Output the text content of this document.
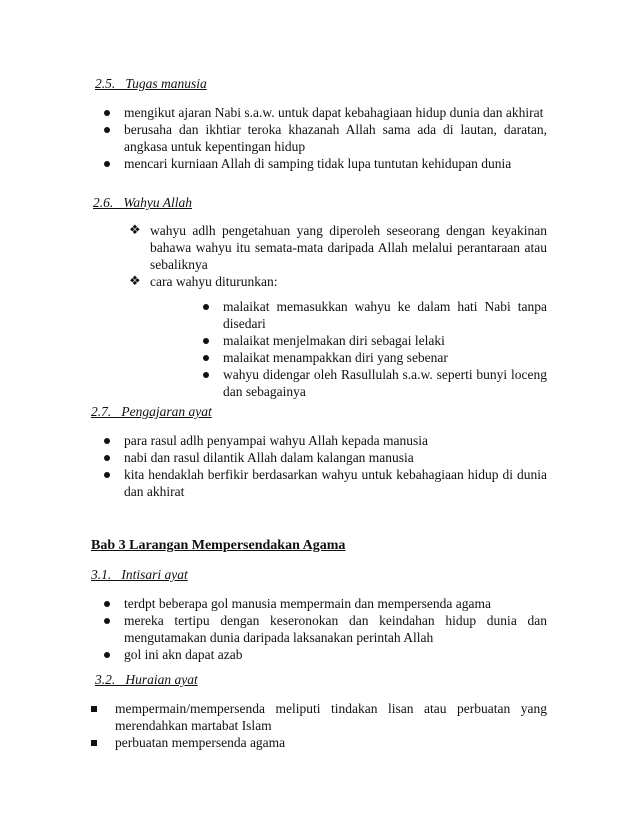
2.5.   Tugas manusia
mengikut ajaran Nabi s.a.w. untuk dapat kebahagiaan hidup dunia dan akhirat
berusaha dan ikhtiar teroka khazanah Allah sama ada di lautan, daratan, angkasa untuk kepentingan hidup
mencari kurniaan Allah di samping tidak lupa tuntutan kehidupan dunia
2.6.   Wahyu Allah
❖ wahyu adlh pengetahuan yang diperoleh seseorang dengan keyakinan bahawa wahyu itu semata-mata daripada Allah melalui perantaraan atau sebaliknya
❖ cara wahyu diturunkan:
malaikat memasukkan wahyu ke dalam hati Nabi tanpa disedari
malaikat menjelmakan diri sebagai lelaki
malaikat menampakkan diri yang sebenar
wahyu didengar oleh Rasullulah s.a.w. seperti bunyi loceng dan sebagainya
2.7.   Pengajaran ayat
para rasul adlh penyampai wahyu Allah kepada manusia
nabi dan rasul dilantik Allah dalam kalangan manusia
kita hendaklah berfikir berdasarkan wahyu untuk kebahagiaan hidup di dunia dan akhirat
Bab 3 Larangan Mempersendakan Agama
3.1.   Intisari ayat
terdpt beberapa gol manusia mempermain dan mempersenda agama
mereka tertipu dengan keseronokan dan keindahan hidup dunia dan mengutamakan dunia daripada laksanakan perintah Allah
gol ini akn dapat azab
3.2.   Huraian ayat
mempermain/mempersenda meliputi tindakan lisan atau perbuatan yang merendahkan martabat Islam
perbuatan mempersenda agama
